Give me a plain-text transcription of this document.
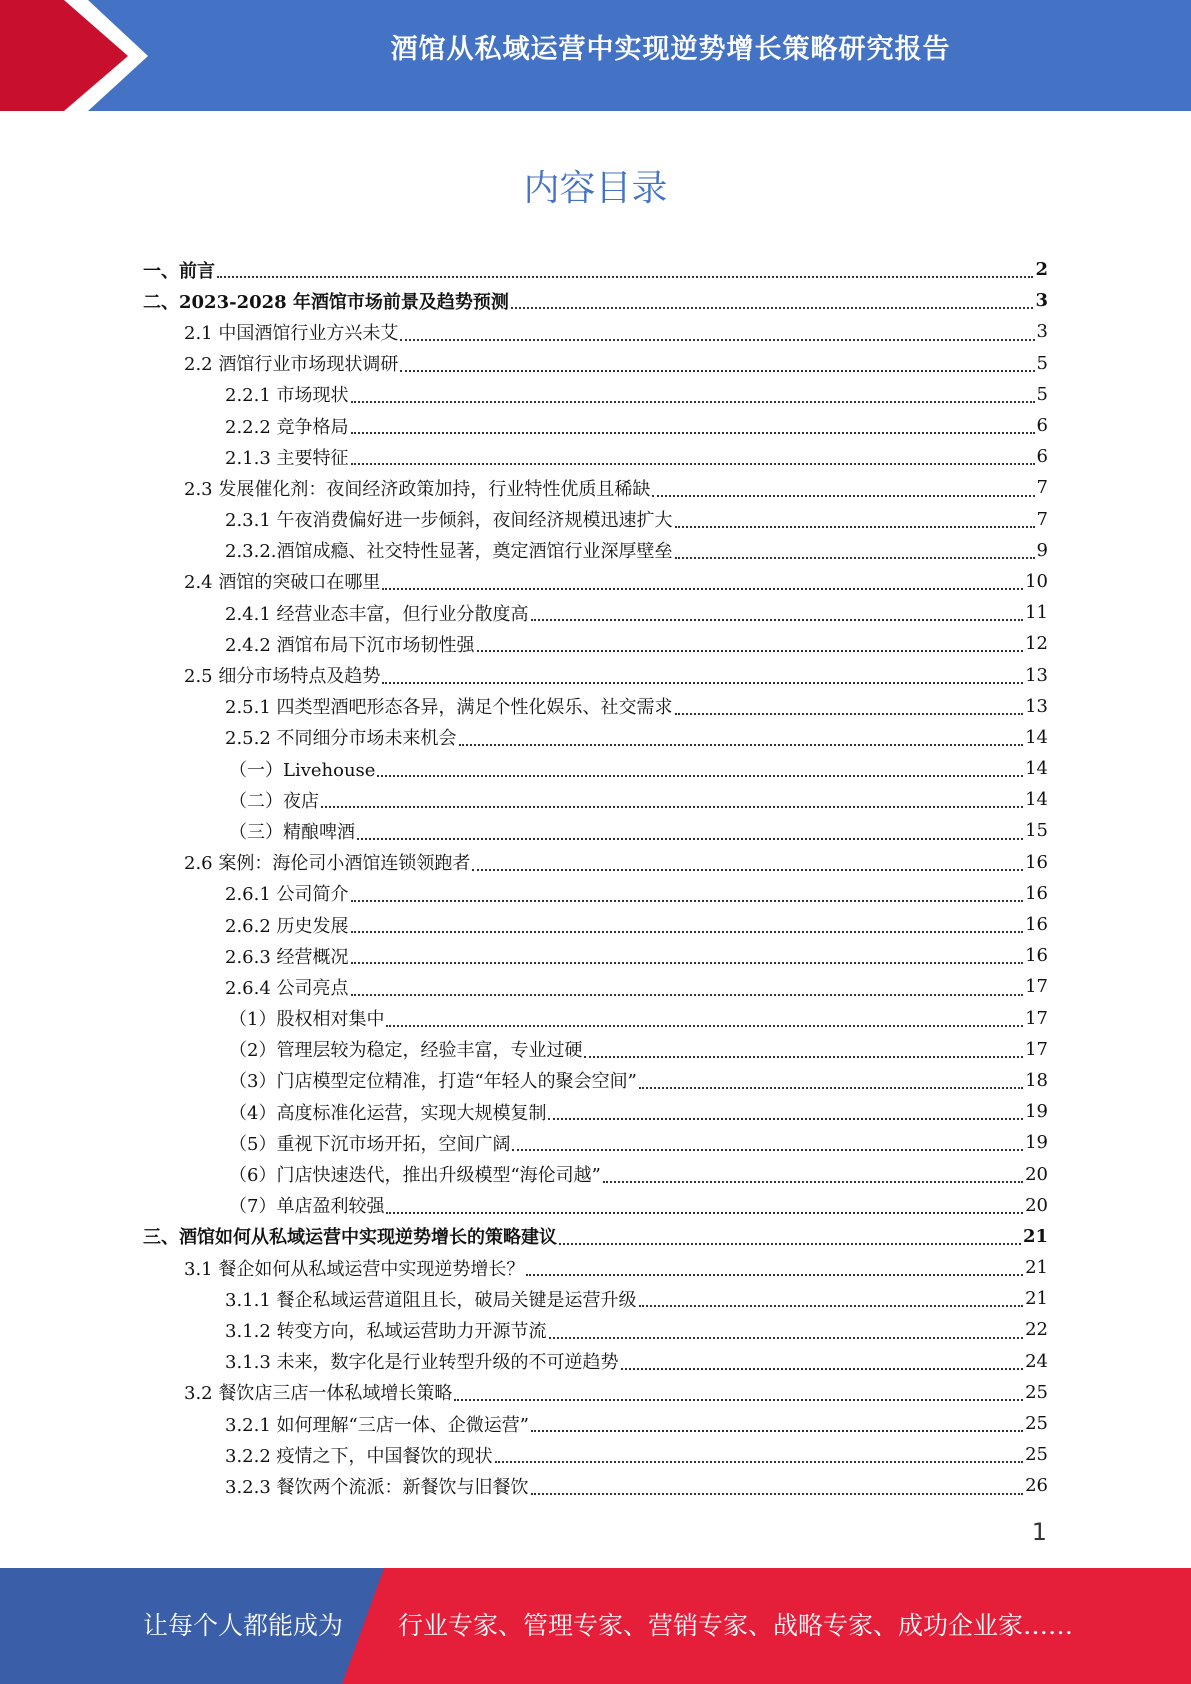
酒馆从私域运营中实现逆势增长策略研究报告
内容目录
一、前言	2
二、2023-2028 年酒馆市场前景及趋势预测	3
2.1 中国酒馆行业方兴未艾	3
2.2 酒馆行业市场现状调研	5
2.2.1 市场现状	5
2.2.2 竞争格局	6
2.1.3 主要特征	6
2.3 发展催化剂：夜间经济政策加持，行业特性优质且稀缺	7
2.3.1 午夜消费偏好进一步倾斜，夜间经济规模迅速扩大	7
2.3.2.酒馆成瘾、社交特性显著，奠定酒馆行业深厚壁垒	9
2.4 酒馆的突破口在哪里	10
2.4.1 经营业态丰富，但行业分散度高	11
2.4.2 酒馆布局下沉市场韧性强	12
2.5 细分市场特点及趋势	13
2.5.1 四类型酒吧形态各异，满足个性化娱乐、社交需求	13
2.5.2 不同细分市场未来机会	14
（一）Livehouse	14
（二）夜店	14
（三）精酿啤酒	15
2.6 案例：海伦司小酒馆连锁领跑者	16
2.6.1 公司简介	16
2.6.2 历史发展	16
2.6.3 经营概况	16
2.6.4 公司亮点	17
（1）股权相对集中	17
（2）管理层较为稳定，经验丰富，专业过硬	17
（3）门店模型定位精准，打造“年轻人的聚会空间”	18
（4）高度标准化运营，实现大规模复制	19
（5）重视下沉市场开拓，空间广阔	19
（6）门店快速迭代，推出升级模型“海伦司越”	20
（7）单店盈利较强	20
三、酒馆如何从私域运营中实现逆势增长的策略建议	21
3.1 餐企如何从私域运营中实现逆势增长？	21
3.1.1 餐企私域运营道阻且长，破局关键是运营升级	21
3.1.2 转变方向，私域运营助力开源节流	22
3.1.3 未来，数字化是行业转型升级的不可逆趋势	24
3.2 餐饮店三店一体私域增长策略	25
3.2.1 如何理解“三店一体、企微运营”	25
3.2.2 疫情之下，中国餐饮的现状	25
3.2.3 餐饮两个流派：新餐饮与旧餐饮	26
1
让每个人都能成为 行业专家、管理专家、营销专家、战略专家、成功企业家……
